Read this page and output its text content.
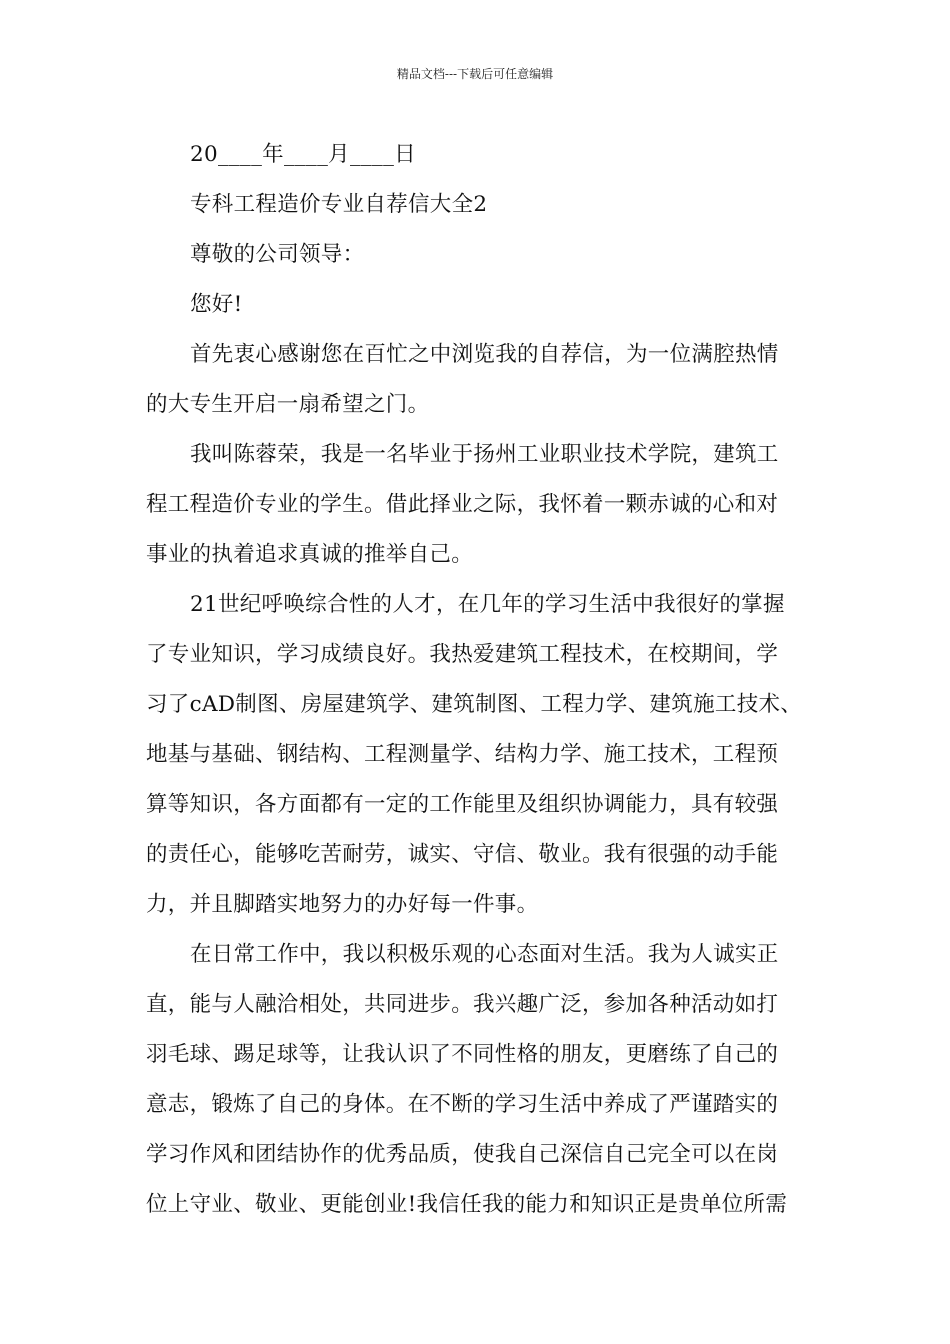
精品文档---下载后可任意编辑
20____年____月____日
专科工程造价专业自荐信大全2
尊敬的公司领导：
您好!
首先衷心感谢您在百忙之中浏览我的自荐信，为一位满腔热情
的大专生开启一扇希望之门。
我叫陈蓉荣，我是一名毕业于扬州工业职业技术学院，建筑工
程工程造价专业的学生。借此择业之际，我怀着一颗赤诚的心和对
事业的执着追求真诚的推举自己。
21世纪呼唤综合性的人才，在几年的学习生活中我很好的掌握
了专业知识，学习成绩良好。我热爱建筑工程技术，在校期间，学
习了cAD制图、房屋建筑学、建筑制图、工程力学、建筑施工技术、
地基与基础、钢结构、工程测量学、结构力学、施工技术，工程预
算等知识，各方面都有一定的工作能里及组织协调能力，具有较强
的责任心，能够吃苦耐劳，诚实、守信、敬业。我有很强的动手能
力，并且脚踏实地努力的办好每一件事。
在日常工作中，我以积极乐观的心态面对生活。我为人诚实正
直，能与人融洽相处，共同进步。我兴趣广泛，参加各种活动如打
羽毛球、踢足球等，让我认识了不同性格的朋友，更磨练了自己的
意志，锻炼了自己的身体。在不断的学习生活中养成了严谨踏实的
学习作风和团结协作的优秀品质，使我自己深信自己完全可以在岗
位上守业、敬业、更能创业!我信任我的能力和知识正是贵单位所需
